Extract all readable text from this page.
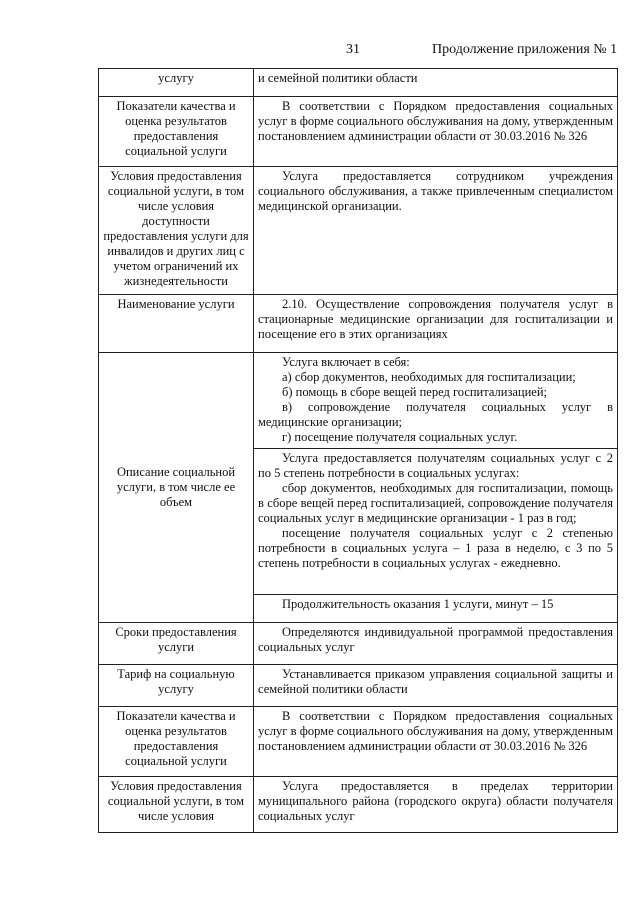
31	Продолжение приложения № 1
услугу	и семейной политики области

Показатели качества и оценка результатов предоставления социальной услуги	В соответствии с Порядком предоставления социальных услуг в форме социального обслуживания на дому, утвержденным постановлением администрации области от 30.03.2016 № 326

Условия предоставления социальной услуги, в том числе условия доступности предоставления услуги для инвалидов и других лиц с учетом ограничений их жизнедеятельности	Услуга предоставляется сотрудником учреждения социального обслуживания, а также привлеченным специалистом медицинской организации.

Наименование услуги	2.10. Осуществление сопровождения получателя услуг в стационарные медицинские организации для госпитализации и посещение его в этих организациях

Описание социальной услуги, в том числе ее объем	Услуга включает в себя:

а) сбор документов, необходимых для госпитализации;

б) помощь в сборе вещей перед госпитализацией;

в) сопровождение получателя социальных услуг в медицинские организации;

г) посещение получателя социальных услуг.

	Услуга предоставляется получателям социальных услуг с 2 по 5 степень потребности в социальных услугах:

сбор документов, необходимых для госпитализации, помощь в сборе вещей перед госпитализацией, сопровождение получателя социальных услуг в медицинские организации - 1 раз в год;

посещение получателя социальных услуг с 2 степенью потребности в социальных услуга – 1 раза в неделю, с 3 по 5 степень потребности в социальных услугах - ежедневно.

	Продолжительность оказания 1 услуги, минут – 15

Сроки предоставления услуги	Определяются индивидуальной программой предоставления социальных услуг

Тариф на социальную услугу	Устанавливается приказом управления социальной защиты и семейной политики области

Показатели качества и оценка результатов предоставления социальной услуги	В соответствии с Порядком предоставления социальных услуг в форме социального обслуживания на дому, утвержденным постановлением администрации области от 30.03.2016 № 326

Условия предоставления социальной услуги, в том числе условия	Услуга предоставляется в пределах территории муниципального района (городского округа) области получателя социальных услуг
